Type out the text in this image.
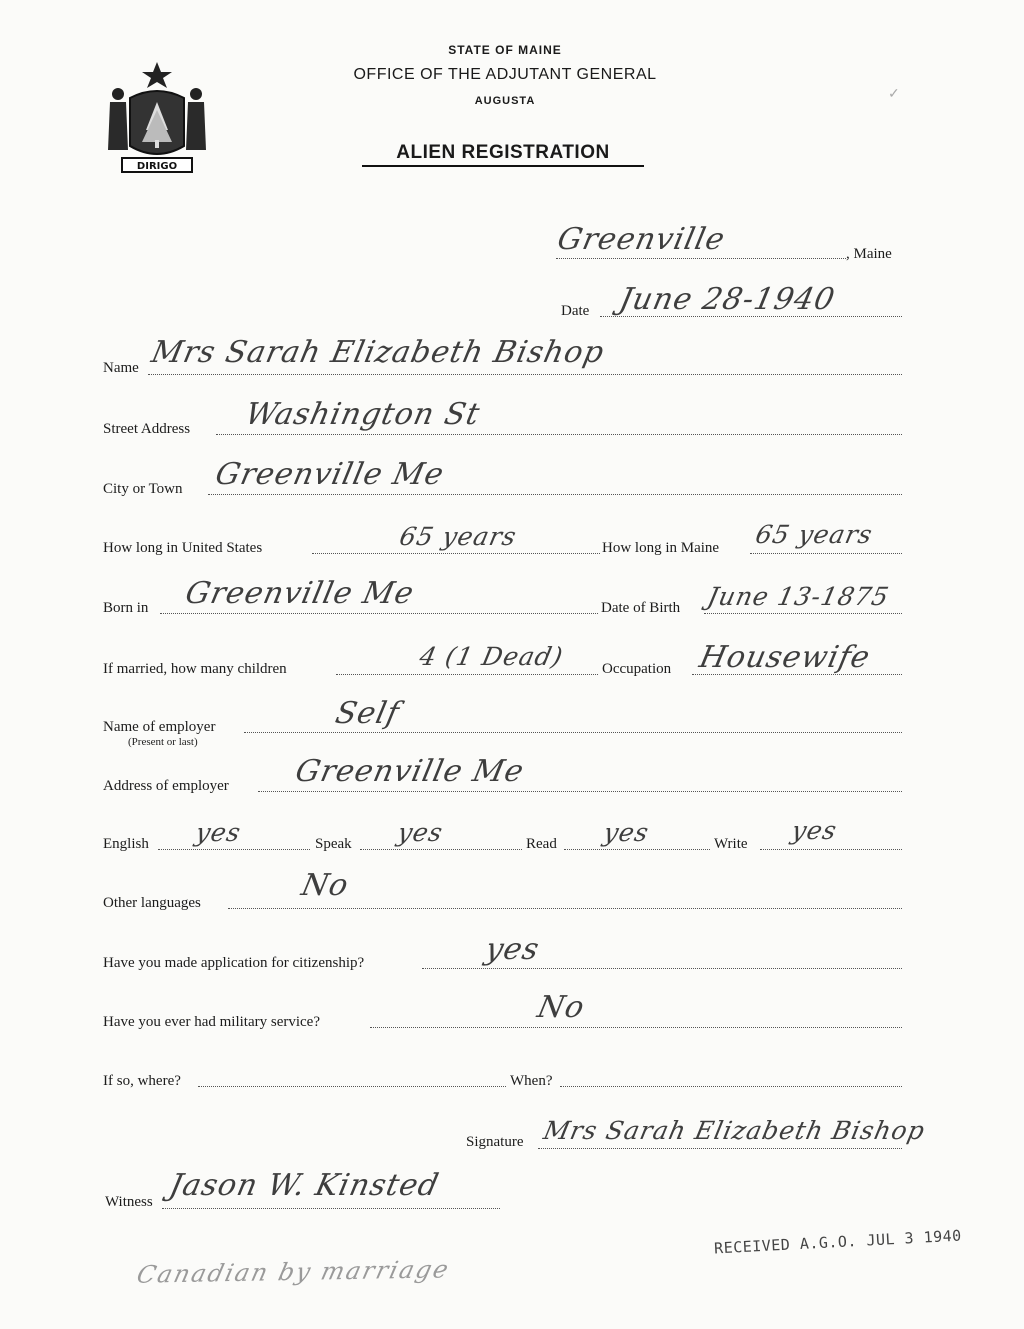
DIRIGO
STATE OF MAINE
OFFICE OF THE ADJUTANT GENERAL
AUGUSTA
ALIEN REGISTRATION
✓
Greenville	, Maine
Date June 28-1940
Name Mrs Sarah Elizabeth Bishop
Street Address Washington St
City or Town Greenville Me
How long in United States	65 years	How long in Maine 65 years
Born in Greenville Me	Date of Birth June 13-1875
If married, how many children	4 (1 Dead) Occupation Housewife
Name of employer
(Present or last)
Self
Address of employer Greenville Me
English yes	Speak yes	Read yes	Write yes
Other languages	No
Have you made application for citizenship?	yes
Have you ever had military service?	No
If so, where?	When?
Signature Mrs Sarah Elizabeth Bishop
Witness Jason W. Kinsted
RECEIVED A.G.O. JUL 3 1940
Canadian by marriage
